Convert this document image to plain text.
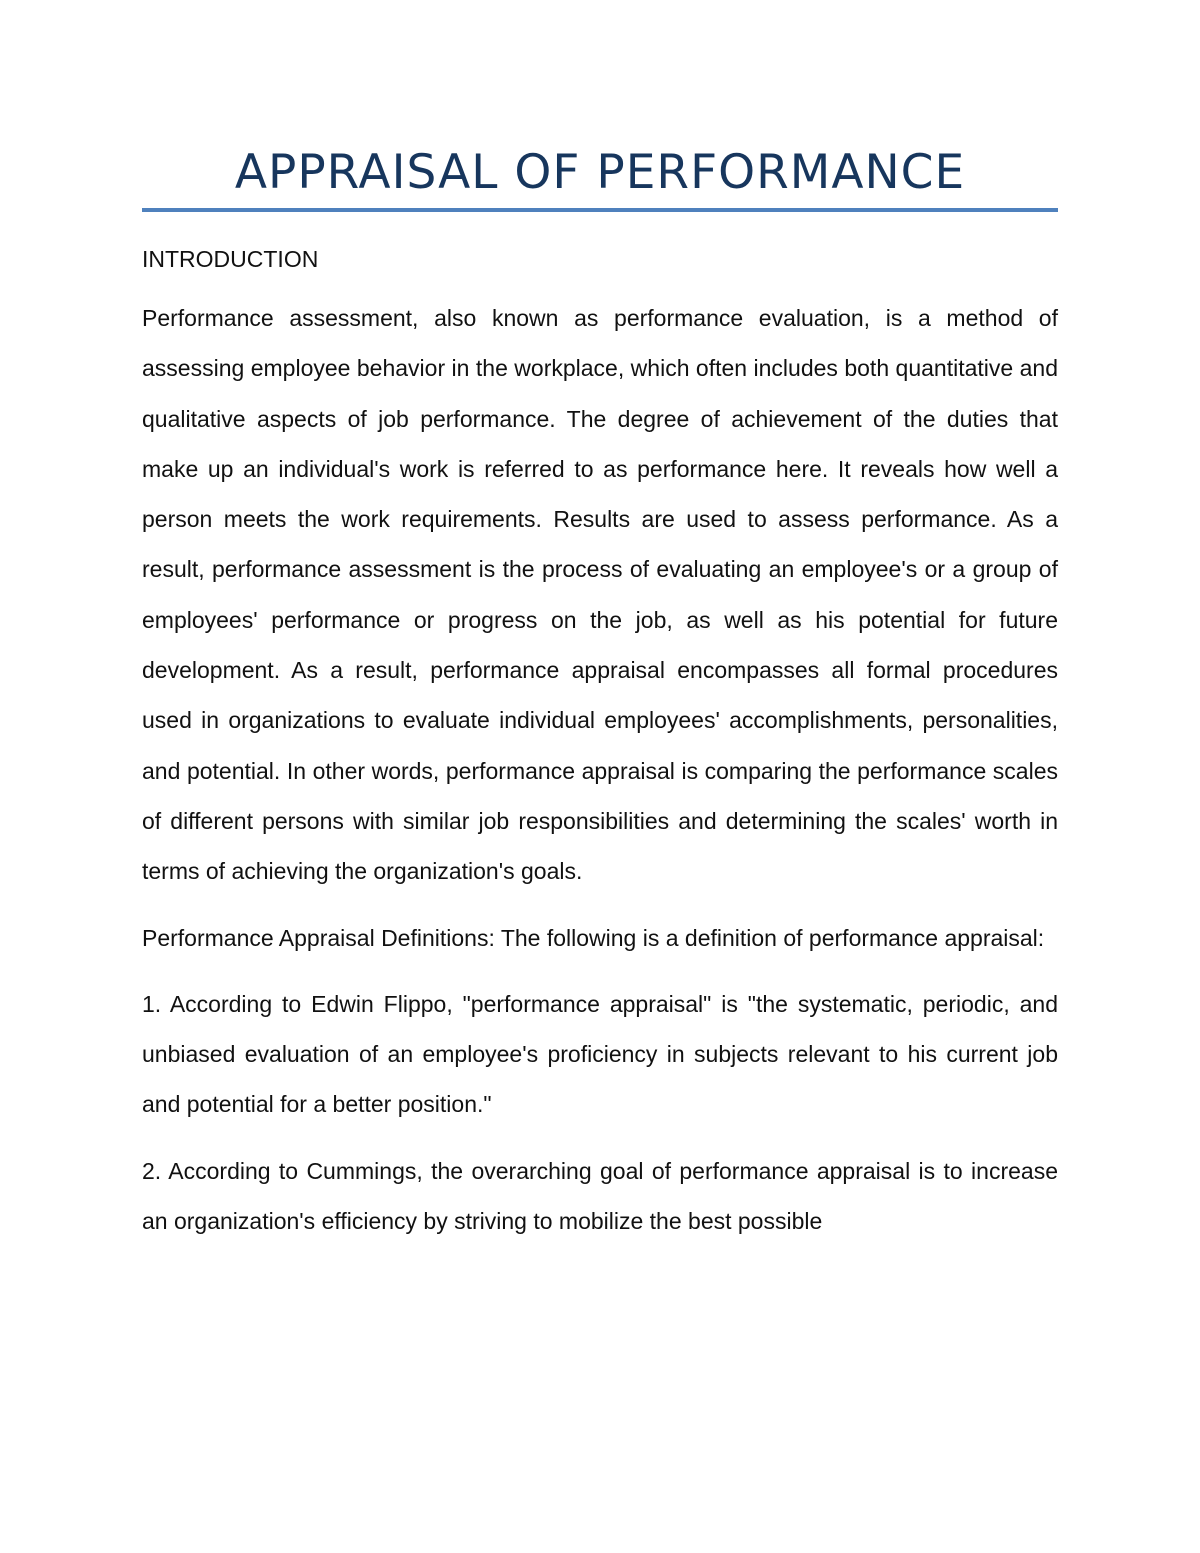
APPRAISAL OF PERFORMANCE

INTRODUCTION

Performance assessment, also known as performance evaluation, is a method of assessing employee behavior in the workplace, which often includes both quantitative and qualitative aspects of job performance. The degree of achievement of the duties that make up an individual's work is referred to as performance here. It reveals how well a person meets the work requirements. Results are used to assess performance. As a result, performance assessment is the process of evaluating an employee's or a group of employees' performance or progress on the job, as well as his potential for future development. As a result, performance appraisal encompasses all formal procedures used in organizations to evaluate individual employees' accomplishments, personalities, and potential. In other words, performance appraisal is comparing the performance scales of different persons with similar job responsibilities and determining the scales' worth in terms of achieving the organization's goals.

Performance Appraisal Definitions: The following is a definition of performance appraisal:

1. According to Edwin Flippo, "performance appraisal" is "the systematic, periodic, and unbiased evaluation of an employee's proficiency in subjects relevant to his current job and potential for a better position."

2. According to Cummings, the overarching goal of performance appraisal is to increase an organization's efficiency by striving to mobilize the best possible
